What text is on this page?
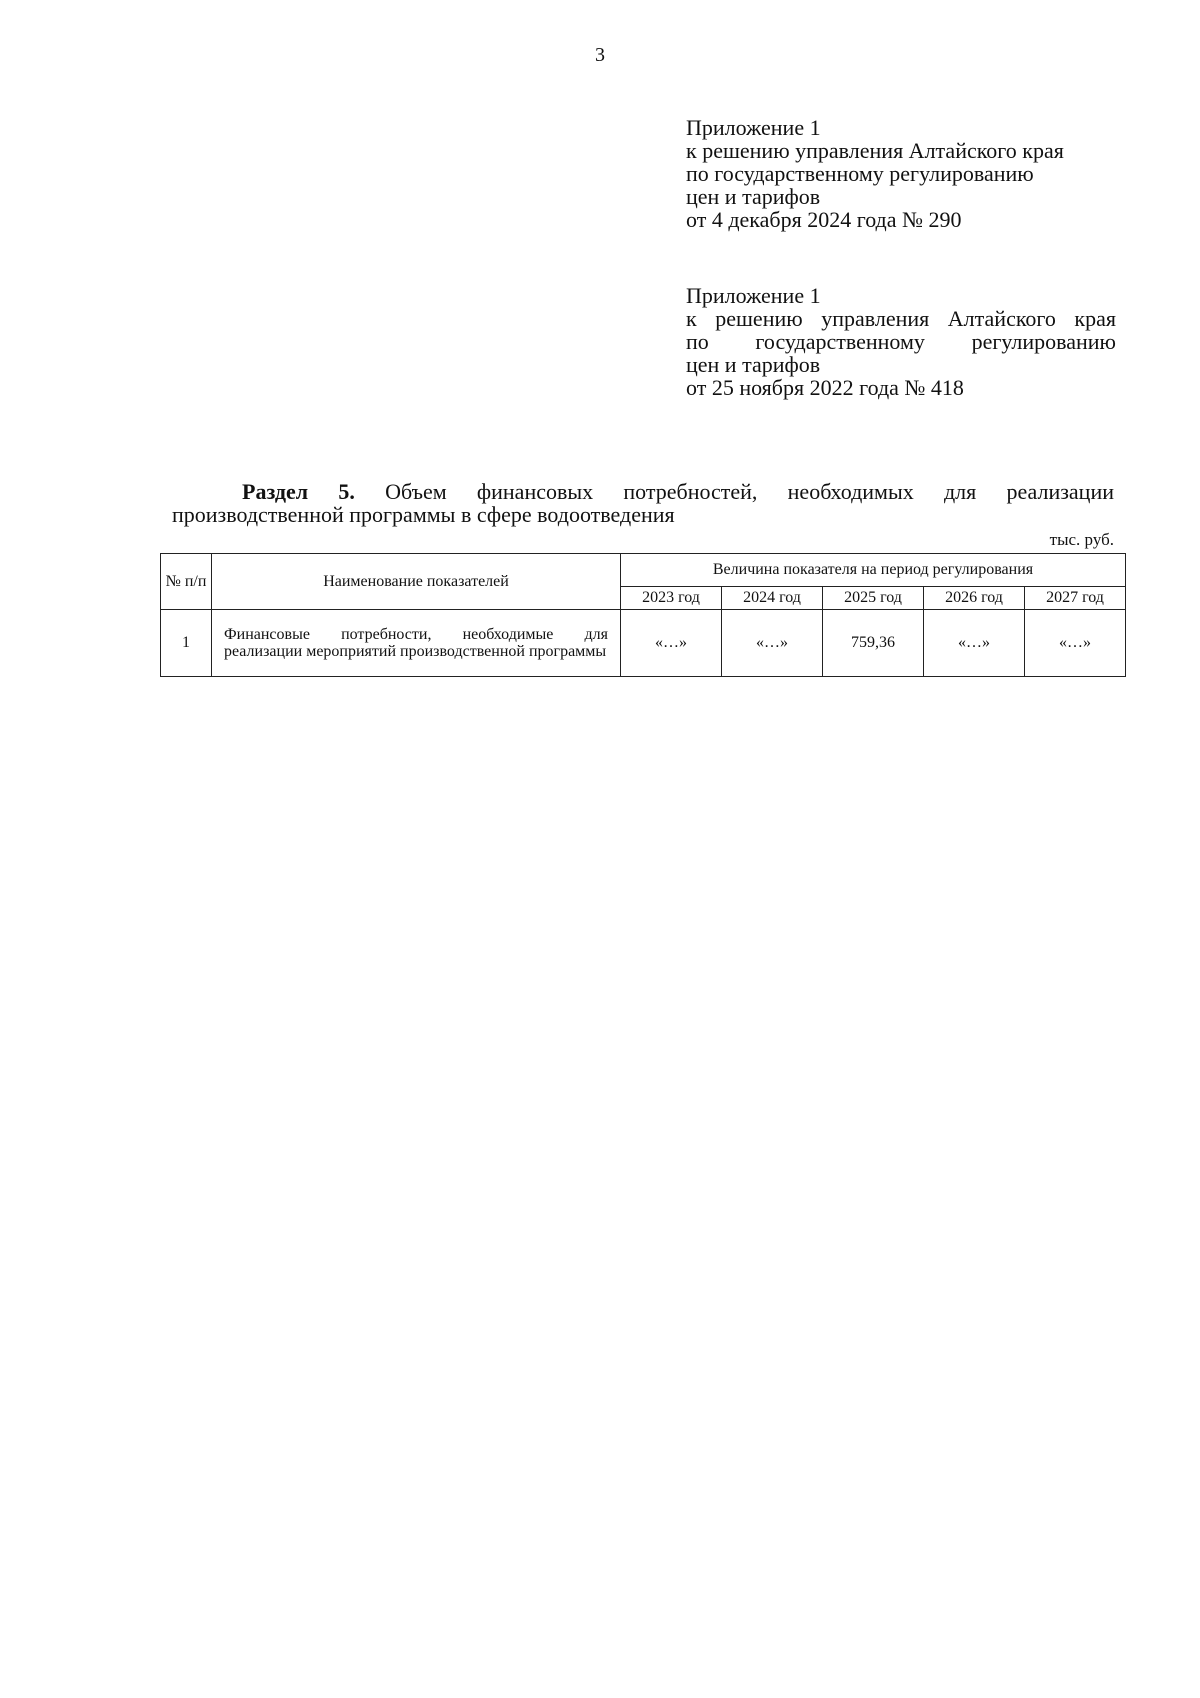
3
Приложение 1
к решению управления Алтайского края
по государственному регулированию
цен и тарифов
от 4 декабря 2024 года № 290
Приложение 1
к решению управления Алтайского края
по государственному регулированию
цен и тарифов
от 25 ноября 2022 года № 418
Раздел 5. Объем финансовых потребностей, необходимых для реализации производственной программы в сфере водоотведения
тыс. руб.
№ п/п	Наименование показателей	Величина показателя на период регулирования				
		2023 год	2024 год	2025 год	2026 год	2027 год
1	Финансовые потребности, необходимые для реализации мероприятий производственной программы	«…»	«…»	759,36	«…»	«…»
